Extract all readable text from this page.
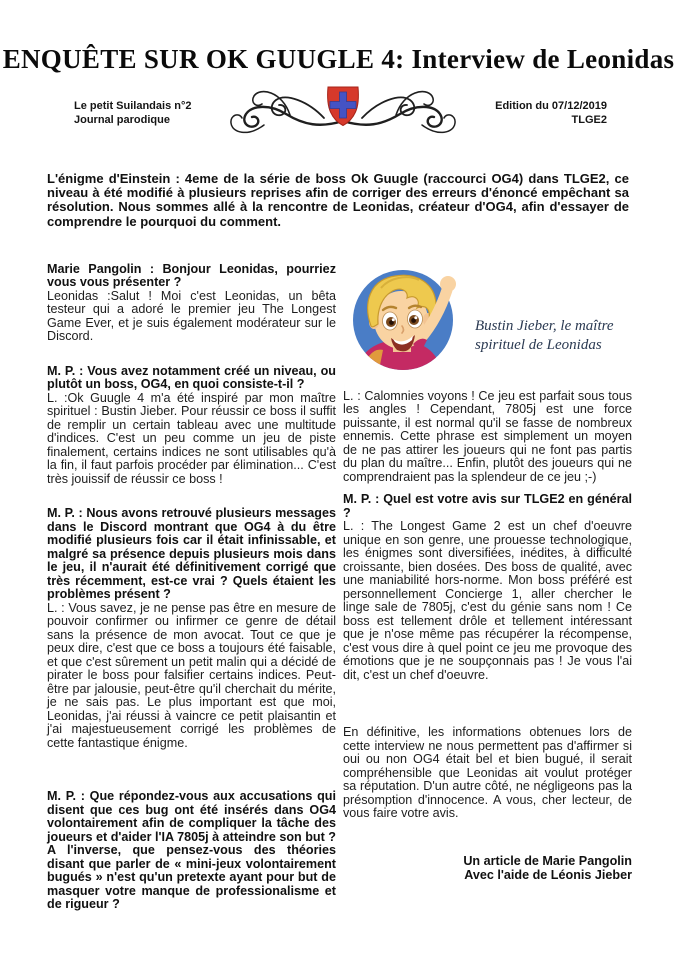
ENQUÊTE SUR OK GUUGLE 4: Interview de Leonidas
Le petit Suilandais n°2
Journal parodique
Edition du 07/12/2019
TLGE2

L'énigme d'Einstein : 4eme de la série de boss Ok Guugle (raccourci OG4) dans TLGE2, ce niveau à été modifié à plusieurs reprises afin de corriger des erreurs d'énoncé empêchant sa résolution. Nous sommes allé à la rencontre de Leonidas, créateur d'OG4, afin d'essayer de comprendre le pourquoi du comment.

Marie Pangolin : Bonjour Leonidas, pourriez vous vous présenter ?

Leonidas :Salut ! Moi c'est Leonidas, un bêta testeur qui a adoré le premier jeu The Longest Game Ever, et je suis également modérateur sur le Discord.

M. P. : Vous avez notamment créé un niveau, ou plutôt un boss, OG4, en quoi consiste-t-il ?

L. :Ok Guugle 4 m'a été inspiré par mon maître spirituel : Bustin Jieber. Pour réussir ce boss il suffit de remplir un certain tableau avec une multitude d'indices. C'est un peu comme un jeu de piste finalement, certains indices ne sont utilisables qu'à la fin, il faut parfois procéder par élimination... C'est très jouissif de réussir ce boss !

M. P. : Nous avons retrouvé plusieurs messages dans le Discord montrant que OG4 à du être modifié plusieurs fois car il était infinissable, et malgré sa présence depuis plusieurs mois dans le jeu, il n'aurait été définitivement corrigé que très récemment, est-ce vrai ? Quels étaient les problèmes présent ?

L. : Vous savez, je ne pense pas être en mesure de pouvoir confirmer ou infirmer ce genre de détail sans la présence de mon avocat. Tout ce que je peux dire, c'est que ce boss a toujours été faisable, et que c'est sûrement un petit malin qui a décidé de pirater le boss pour falsifier certains indices. Peut-être par jalousie, peut-être qu'il cherchait du mérite, je ne sais pas. Le plus important est que moi, Leonidas, j'ai réussi à vaincre ce petit plaisantin et j'ai majestueusement corrigé les problèmes de cette fantastique énigme.

M. P. : Que répondez-vous aux accusations qui disent que ces bug ont été insérés dans OG4 volontairement afin de compliquer la tâche des joueurs et d'aider l'IA 7805j à atteindre son but ? A l'inverse, que pensez-vous des théories disant que parler de « mini-jeux volontairement bugués » n'est qu'un pretexte ayant pour but de masquer votre manque de professionalisme et de rigueur ?

Bustin Jieber, le maître spirituel de Leonidas

L. : Calomnies voyons ! Ce jeu est parfait sous tous les angles ! Cependant, 7805j est une force puissante, il est normal qu'il se fasse de nombreux ennemis. Cette phrase est simplement un moyen de ne pas attirer les joueurs qui ne font pas partis du plan du maître... Enfin, plutôt des joueurs qui ne comprendraient pas la splendeur de ce jeu ;-)

M. P. : Quel est votre avis sur TLGE2 en général ?

L. : The Longest Game 2 est un chef d'oeuvre unique en son genre, une prouesse technologique, les énigmes sont diversifiées, inédites, à difficulté croissante, bien dosées. Des boss de qualité, avec une maniabilité hors-norme. Mon boss préféré est personnellement Concierge 1, aller chercher le linge sale de 7805j, c'est du génie sans nom ! Ce boss est tellement drôle et tellement intéressant que je n'ose même pas récupérer la récompense, c'est vous dire à quel point ce jeu me provoque des émotions que je ne soupçonnais pas ! Je vous l'ai dit, c'est un chef d'oeuvre.

En définitive, les informations obtenues lors de cette interview ne nous permettent pas d'affirmer si oui ou non OG4 était bel et bien bugué, il serait compréhensible que Leonidas ait voulut protéger sa réputation. D'un autre côté, ne négligeons pas la présomption d'innocence. A vous, cher lecteur, de vous faire votre avis.

Un article de Marie Pangolin
Avec l'aide de Léonis Jieber
